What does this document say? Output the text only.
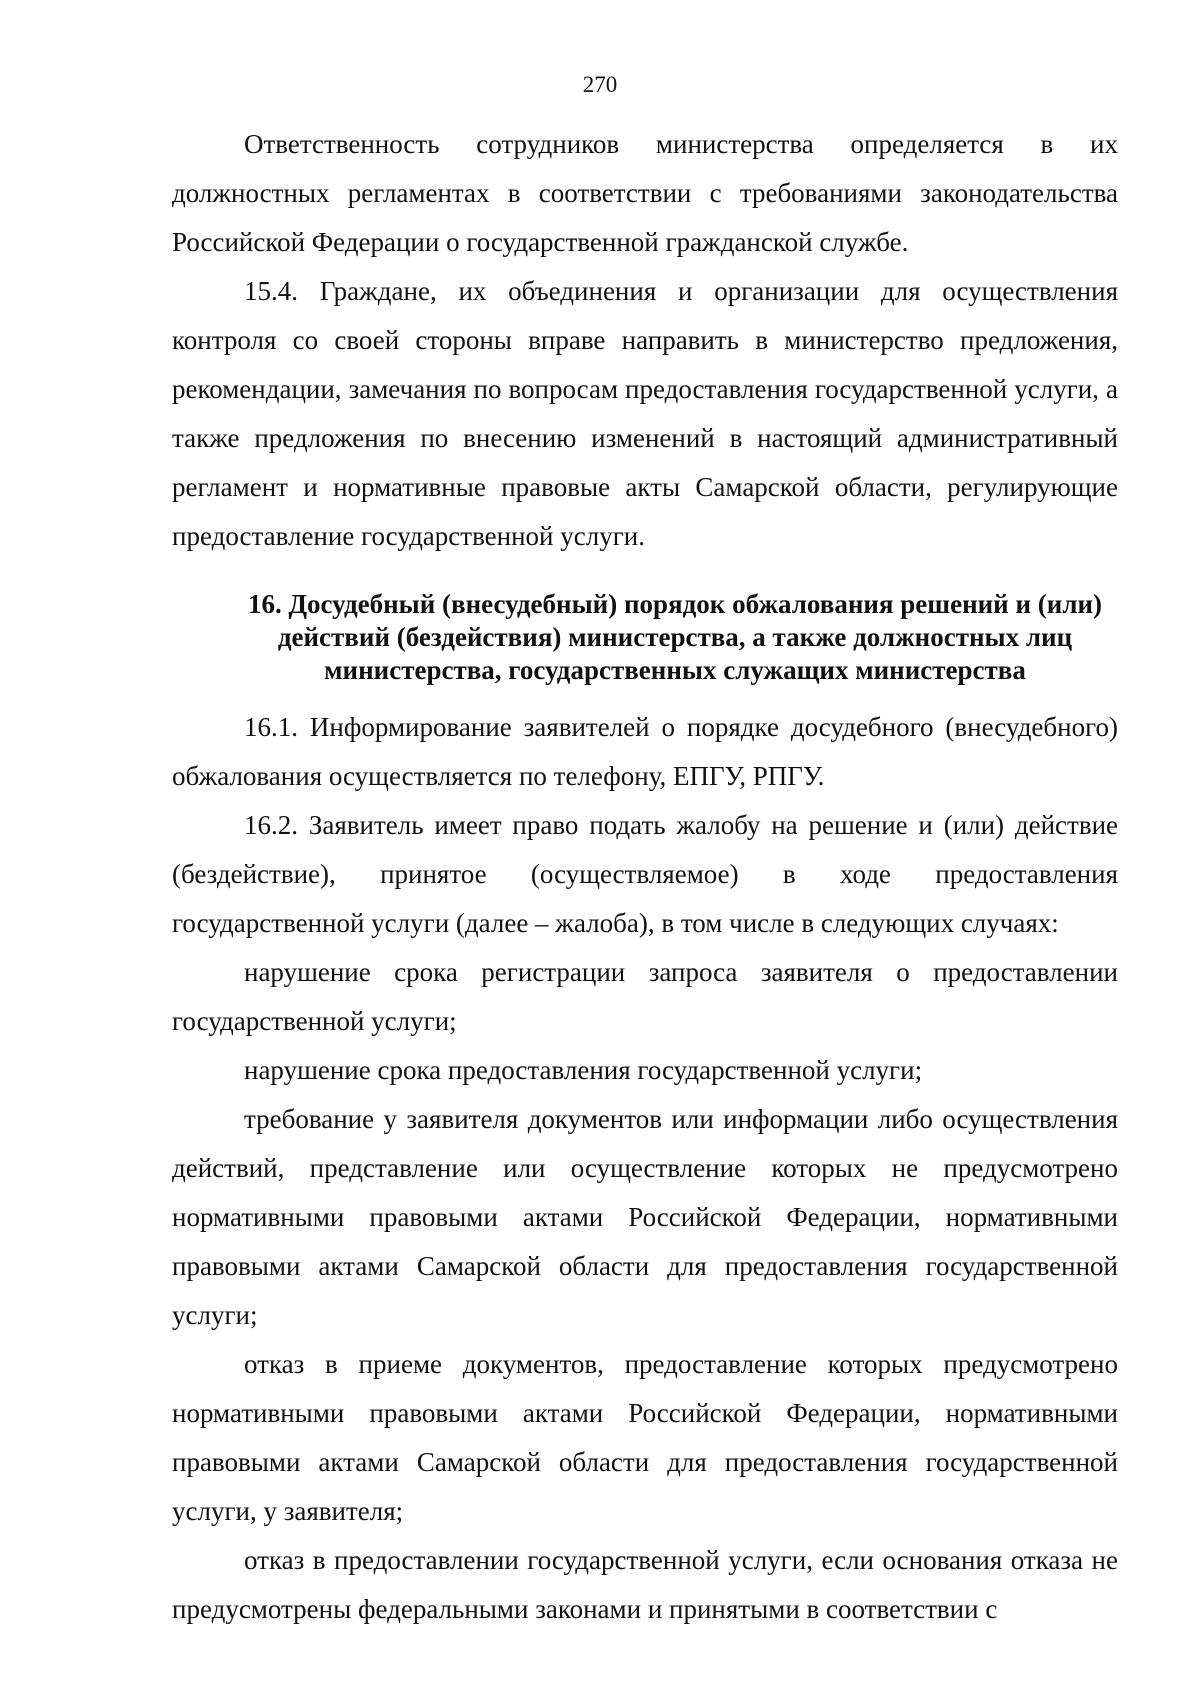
270

Ответственность сотрудников министерства определяется в их должностных регламентах в соответствии с требованиями законодательства Российской Федерации о государственной гражданской службе.

15.4. Граждане, их объединения и организации для осуществления контроля со своей стороны вправе направить в министерство предложения, рекомендации, замечания по вопросам предоставления государственной услуги, а также предложения по внесению изменений в настоящий административный регламент и нормативные правовые акты Самарской области, регулирующие предоставление государственной услуги.

16. Досудебный (внесудебный) порядок обжалования решений и (или) действий (бездействия) министерства, а также должностных лиц министерства, государственных служащих министерства

16.1. Информирование заявителей о порядке досудебного (внесудебного) обжалования осуществляется по телефону, ЕПГУ, РПГУ.

16.2. Заявитель имеет право подать жалобу на решение и (или) действие (бездействие), принятое (осуществляемое) в ходе предоставления государственной услуги (далее – жалоба), в том числе в следующих случаях:

нарушение срока регистрации запроса заявителя о предоставлении государственной услуги;

нарушение срока предоставления государственной услуги;

требование у заявителя документов или информации либо осуществления действий, представление или осуществление которых не предусмотрено нормативными правовыми актами Российской Федерации, нормативными правовыми актами Самарской области для предоставления государственной услуги;

отказ в приеме документов, предоставление которых предусмотрено нормативными правовыми актами Российской Федерации, нормативными правовыми актами Самарской области для предоставления государственной услуги, у заявителя;

отказ в предоставлении государственной услуги, если основания отказа не предусмотрены федеральными законами и принятыми в соответствии с
